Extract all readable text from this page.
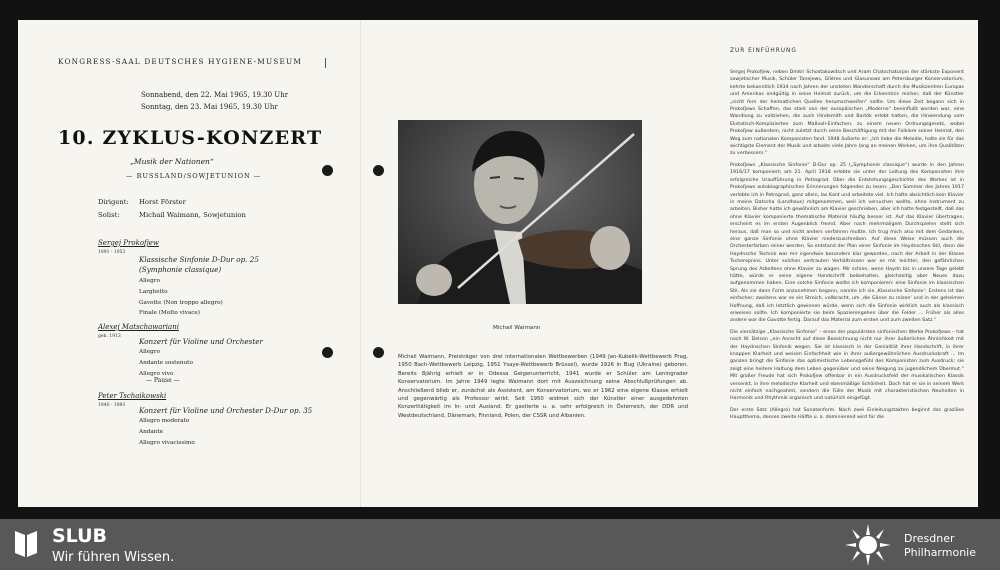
KONGRESS-SAAL DEUTSCHES HYGIENE-MUSEUM
Sonnabend, den 22. Mai 1965, 19.30 Uhr
Sonntag, den 23. Mai 1965, 19.30 Uhr
10. ZYKLUS-KONZERT
„Musik der Nationen“
— RUSSLAND/SOWJETUNION —
Dirigent: Horst Förster
Solist:	Michail Waimann, Sowjetunion
Sergej Prokofjew
1891 - 1953
Klassische Sinfonie D-Dur op. 25
(Symphonie classique)
Allegro
Larghetto
Gavotte (Non troppo allegro)
Finale (Molto vivace)
Alexej Matschawariani
geb. 1913
Konzert für Violine und Orchester
Allegro
Andante sostenuto
Allegro vivo
— Pause —
Peter Tschaikowski
1840 - 1893
Konzert für Violine und Orchester D-Dur op. 35
Allegro moderato
Andante
Allegro vivacissimo
Michail Waimann
Michail Waimann, Preisträger von drei internationalen Wettbewerben (1949 Jan-Kubelik-Wettbewerb Prag, 1950 Bach-Wettbewerb Leipzig, 1951 Ysaye-Wettbewerb Brüssel), wurde 1926 in Bug (Ukraine) geboren. Bereits 8jährig erhielt er in Odessa Geigenunterricht, 1941 wurde er Schüler am Leningrader Konservatorium. Im Jahre 1949 legte Waimann dort mit Auszeichnung seine Abschlußprüfungen ab. Anschließend blieb er, zunächst als Assistent, am Konservatorium, wo er 1962 eine eigene Klasse erhielt und gegenwärtig als Professor wirkt. Seit 1950 widmet sich der Künstler einer ausgedehnten Konzerttätigkeit im In- und Ausland. Er gastierte u. a. sehr erfolgreich in Österreich, der DDR und Westdeutschland, Dänemark, Finnland, Polen, der CSSR und Albanien.
ZUR EINFÜHRUNG

Sergej Prokofjew, neben Dmitri Schostakowitsch und Aram Chatschaturjan der stärkste Exponent sowjetischer Musik, Schüler Tanejews, Glières und Glasunows am Petersburger Konservatorium, kehrte bekanntlich 1934 nach Jahren der unsteten Wanderschaft durch die Musikzentren Europas und Amerikas endgültig in seine Heimat zurück, um die Erkenntnis reicher, daß der Künstler „nicht fern der heimatlichen Quellen herumschweifen“ sollte. Um diese Zeit begann sich in Prokofjews Schaffen, das stark von der europäischen „Moderne“ beeinflußt worden war, eine Wandlung zu vollziehen, die auch Hindemith und Bartók erlebt hatten, die Hinwendung vom Ekstatisch-Komplizierten zum Maßvoll-Einfachen, zu einem neuen Ordnungsgesetz, wobei Prokofjew außerdem, nicht zuletzt durch seine Beschäftigung mit der Folklore seiner Heimat, den Weg zum nationalen Komponisten fand. 1948 äußerte er: „Ich liebe die Melodie, halte sie für das wichtigste Element der Musik und arbeite viele Jahre lang an meinen Werken, um ihre Qualitäten zu verbessern.“

Prokofjews „Klassische Sinfonie“ D-Dur op. 25 („Symphonie classique“) wurde in den Jahren 1916/17 komponiert; am 21. April 1918 erlebte sie unter der Leitung des Komponisten ihre erfolgreiche Uraufführung in Petrograd. Über die Entstehungsgeschichte des Werkes ist in Prokofjews autobiographischen Erinnerungen folgendes zu lesen: „Den Sommer des Jahres 1917 verlebte ich in Petrograd, ganz allein, las Kant und arbeitete viel. Ich hatte absichtlich kein Klavier in meine Datscha (Landhaus) mitgenommen, weil ich versuchen wollte, ohne Instrument zu arbeiten. Bisher hatte ich gewöhnlich am Klavier geschrieben, aber ich hatte festgestellt, daß das ohne Klavier komponierte thematische Material häufig besser ist. Auf das Klavier übertragen, erscheint es im ersten Augenblick fremd. Aber nach mehrmaligem Durchspielen stellt sich heraus, daß man so und nicht anders verfahren mußte. Ich trug mich also mit dem Gedanken, eine ganze Sinfonie ohne Klavier niederzuschreiben. Auf diese Weise müssen auch die Orchesterfarben reiner werden. So entstand der Plan einer Sinfonie im Haydnschen Stil, denn die Haydnsche Technik war mir irgendwie besonders klar geworden, nach der Arbeit in der Klasse Tscherepnins. Unter solchen vertrauten Verhältnissen war es mir leichter, den gefährlichen Sprung des Arbeitens ohne Klavier zu wagen. Mir schien, wenn Haydn bis in unsere Tage gelebt hätte, würde er seine eigene Handschrift beibehalten, gleichzeitig aber Neues dazu aufgenommen haben. Eine solche Sinfonie wollte ich komponieren: eine Sinfonie im klassischen Stil. Als sie dann Form anzunehmen begann, nannte ich sie ‚Klassische Sinfonie‘: Erstens ist das einfacher; zweitens war es ein Streich, vollbracht, um ‚die Gänse zu reizen‘ und in der geheimen Hoffnung, daß ich letztlich gewinnen würde, wenn sich die Sinfonie wirklich auch als klassisch erweisen sollte. Ich komponierte sie beim Spazierengehen über die Felder ... Früher als alles andere war die Gavotte fertig. Darauf das Material zum ersten und zum zweiten Satz.“

Die viersätzige „Klassische Sinfonie“ – eines der populärsten sinfonischen Werke Prokofjews – hat noch W. Delson „ein Anrecht auf diese Bezeichnung nicht nur ihrer äußerlichen Ähnlichkeit mit der Haydnschen Sinfonik wegen. Sie ist klassisch in der Genialität ihrer Handschrift, in ihrer knappen Klarheit und weisen Einfachheit wie in ihrer außergewöhnlichen Ausdruckskraft ... Im ganzen bringt die Sinfonie das optimistische Lebensgefühl des Komponisten zum Ausdruck; sie zeigt eine heitere Haltung dem Leben gegenüber und seine Neigung zu jugendlichem Übermut.“ Mit großer Freude hat sich Prokofjew offenbar in ein Ausdrucksfeld der musikalischen Klassik versenkt, in ihre melodische Klarheit und ebenmäßige Schönheit. Doch hat er sie in seinem Werk nicht einfach nachgeahmt, sondern die Fülle der Musik mit charakteristischen Neuheiten in Harmonik und Rhythmik organisch und natürlich eingefügt.

Der erste Satz (Allegro) hat Sonatenform. Nach zwei Einleitungstakten beginnt das graziöse Hauptthema, dessen zweite Hälfte u. a. dominierend wird für die

SLUB
Wir führen Wissen.
Dresdner
Philharmonie
